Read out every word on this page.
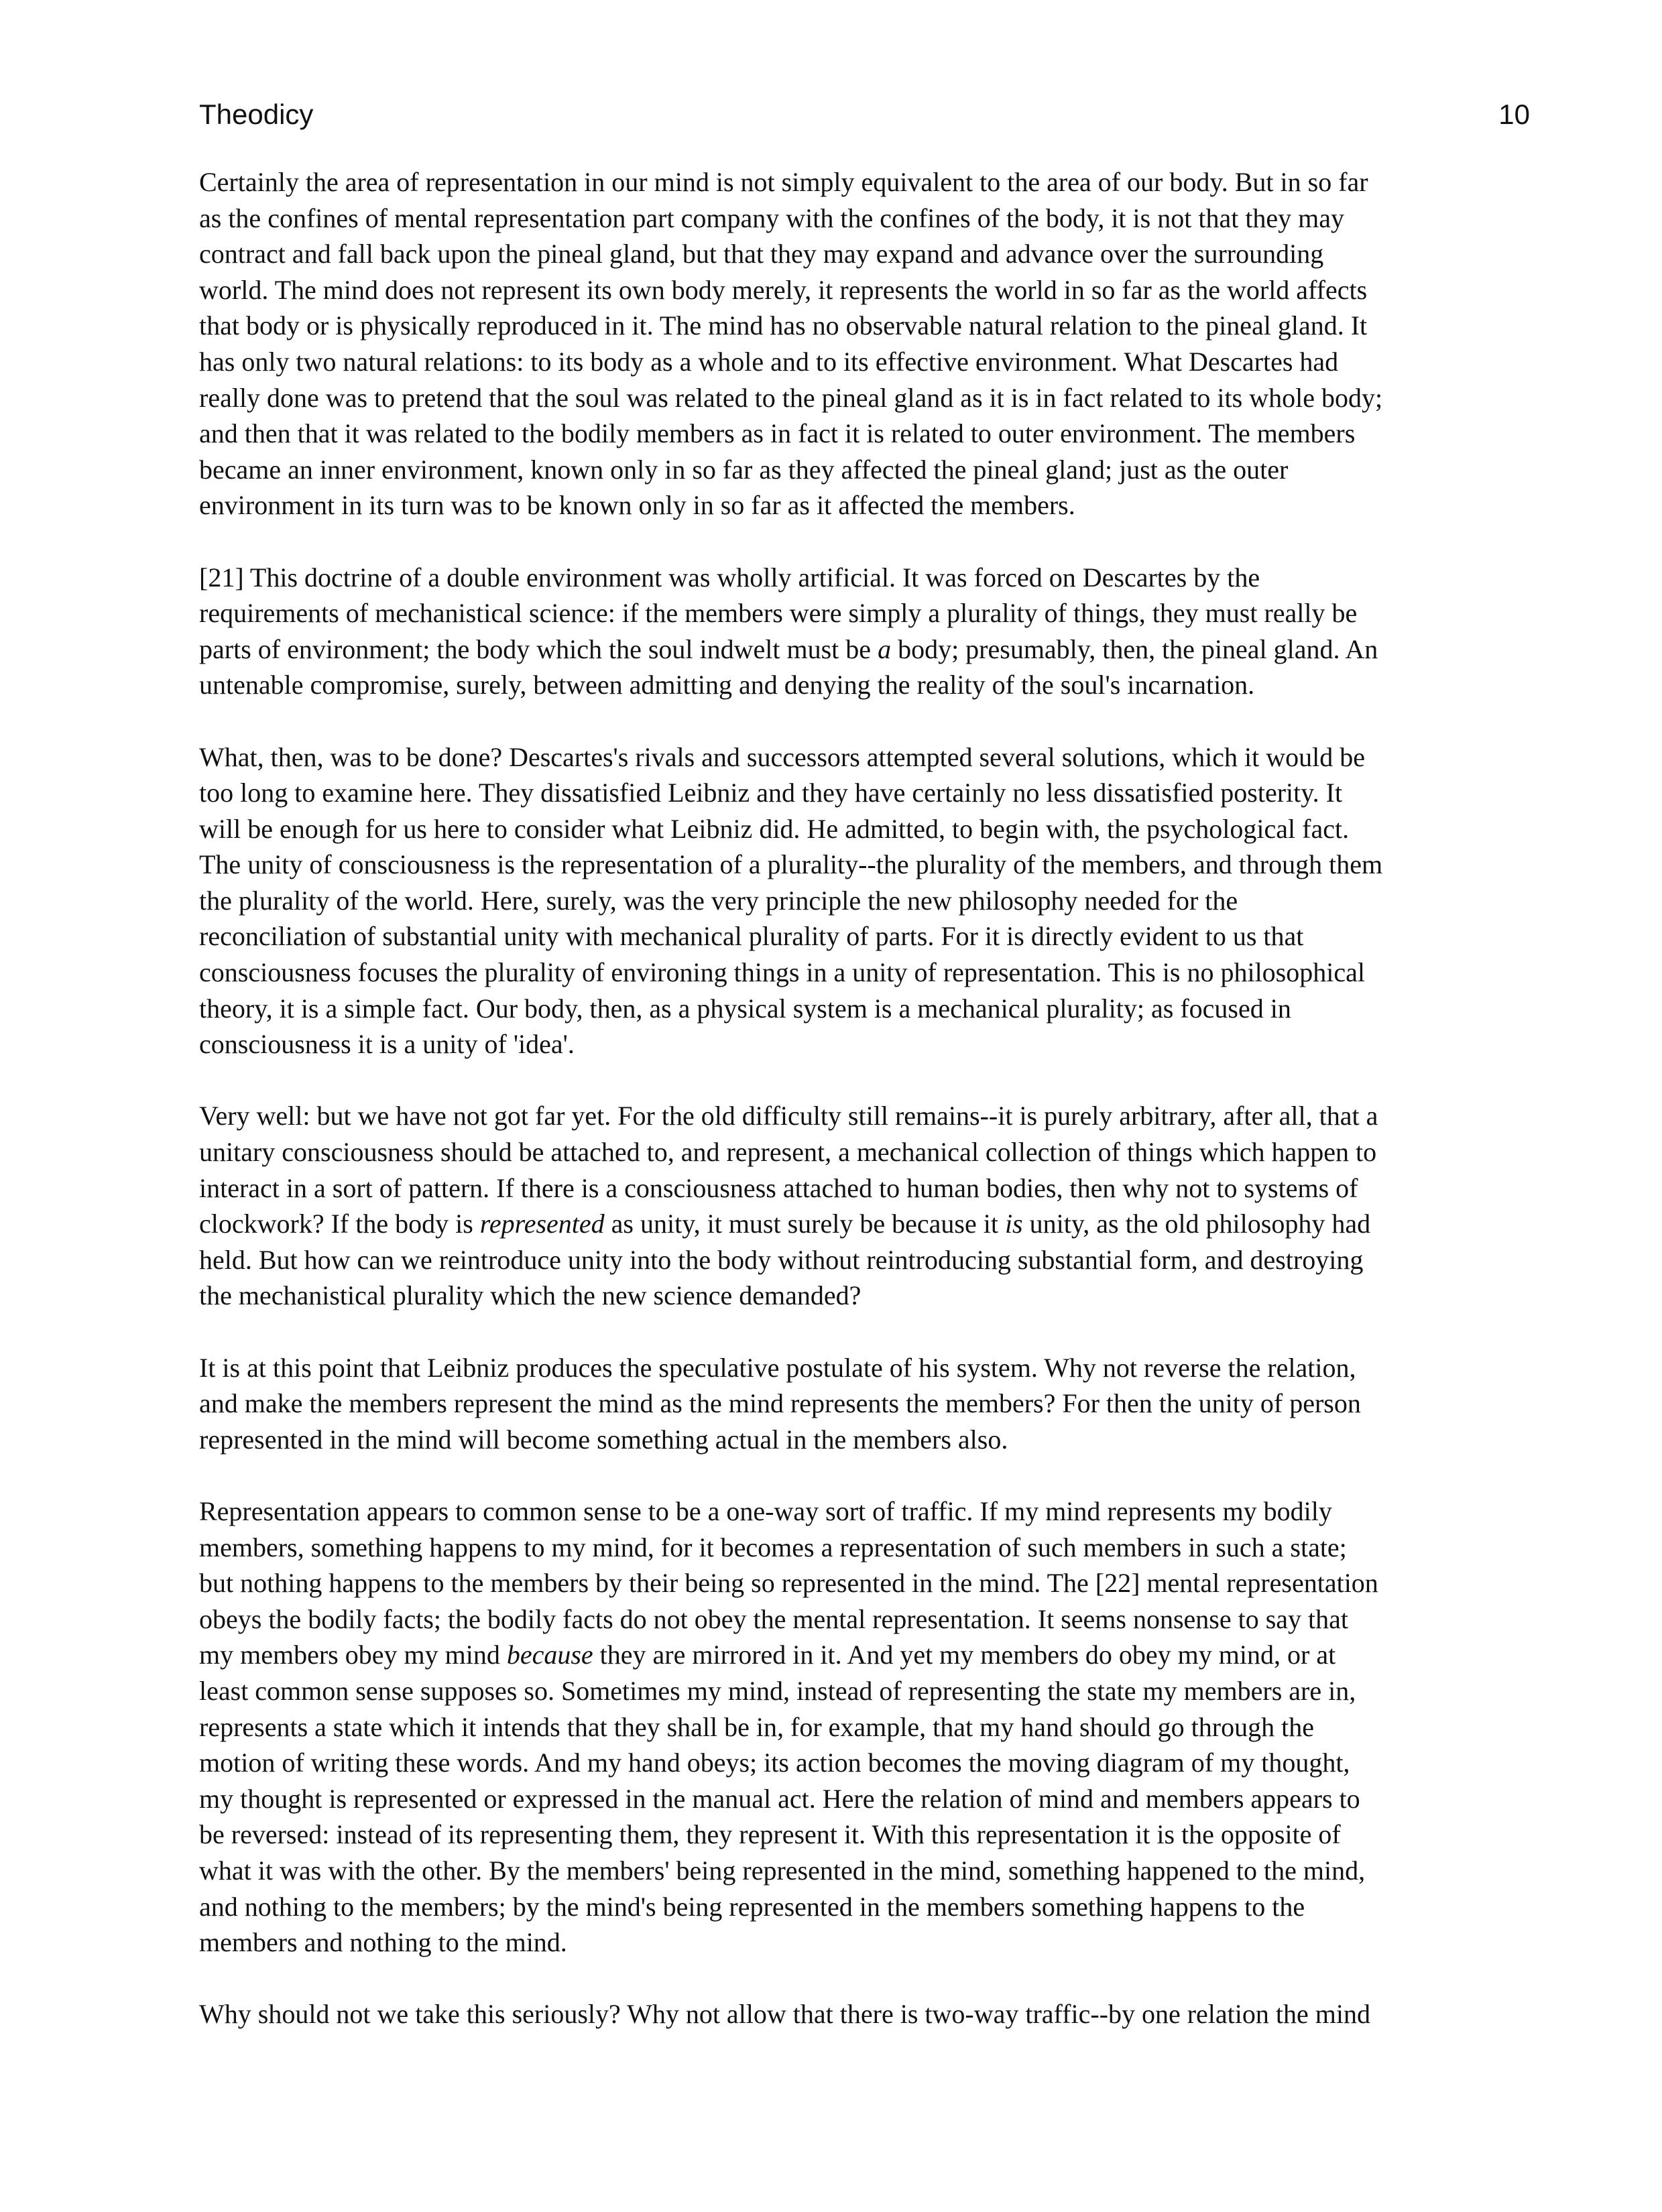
Theodicy	10

Certainly the area of representation in our mind is not simply equivalent to the area of our body. But in so far
as the confines of mental representation part company with the confines of the body, it is not that they may
contract and fall back upon the pineal gland, but that they may expand and advance over the surrounding
world. The mind does not represent its own body merely, it represents the world in so far as the world affects
that body or is physically reproduced in it. The mind has no observable natural relation to the pineal gland. It
has only two natural relations: to its body as a whole and to its effective environment. What Descartes had
really done was to pretend that the soul was related to the pineal gland as it is in fact related to its whole body;
and then that it was related to the bodily members as in fact it is related to outer environment. The members
became an inner environment, known only in so far as they affected the pineal gland; just as the outer
environment in its turn was to be known only in so far as it affected the members.

[21] This doctrine of a double environment was wholly artificial. It was forced on Descartes by the
requirements of mechanistical science: if the members were simply a plurality of things, they must really be
parts of environment; the body which the soul indwelt must be a body; presumably, then, the pineal gland. An
untenable compromise, surely, between admitting and denying the reality of the soul's incarnation.

What, then, was to be done? Descartes's rivals and successors attempted several solutions, which it would be
too long to examine here. They dissatisfied Leibniz and they have certainly no less dissatisfied posterity. It
will be enough for us here to consider what Leibniz did. He admitted, to begin with, the psychological fact.
The unity of consciousness is the representation of a plurality--the plurality of the members, and through them
the plurality of the world. Here, surely, was the very principle the new philosophy needed for the
reconciliation of substantial unity with mechanical plurality of parts. For it is directly evident to us that
consciousness focuses the plurality of environing things in a unity of representation. This is no philosophical
theory, it is a simple fact. Our body, then, as a physical system is a mechanical plurality; as focused in
consciousness it is a unity of 'idea'.

Very well: but we have not got far yet. For the old difficulty still remains--it is purely arbitrary, after all, that a
unitary consciousness should be attached to, and represent, a mechanical collection of things which happen to
interact in a sort of pattern. If there is a consciousness attached to human bodies, then why not to systems of
clockwork? If the body is represented as unity, it must surely be because it is unity, as the old philosophy had
held. But how can we reintroduce unity into the body without reintroducing substantial form, and destroying
the mechanistical plurality which the new science demanded?

It is at this point that Leibniz produces the speculative postulate of his system. Why not reverse the relation,
and make the members represent the mind as the mind represents the members? For then the unity of person
represented in the mind will become something actual in the members also.

Representation appears to common sense to be a one-way sort of traffic. If my mind represents my bodily
members, something happens to my mind, for it becomes a representation of such members in such a state;
but nothing happens to the members by their being so represented in the mind. The [22] mental representation
obeys the bodily facts; the bodily facts do not obey the mental representation. It seems nonsense to say that
my members obey my mind because they are mirrored in it. And yet my members do obey my mind, or at
least common sense supposes so. Sometimes my mind, instead of representing the state my members are in,
represents a state which it intends that they shall be in, for example, that my hand should go through the
motion of writing these words. And my hand obeys; its action becomes the moving diagram of my thought,
my thought is represented or expressed in the manual act. Here the relation of mind and members appears to
be reversed: instead of its representing them, they represent it. With this representation it is the opposite of
what it was with the other. By the members' being represented in the mind, something happened to the mind,
and nothing to the members; by the mind's being represented in the members something happens to the
members and nothing to the mind.

Why should not we take this seriously? Why not allow that there is two-way traffic--by one relation the mind
